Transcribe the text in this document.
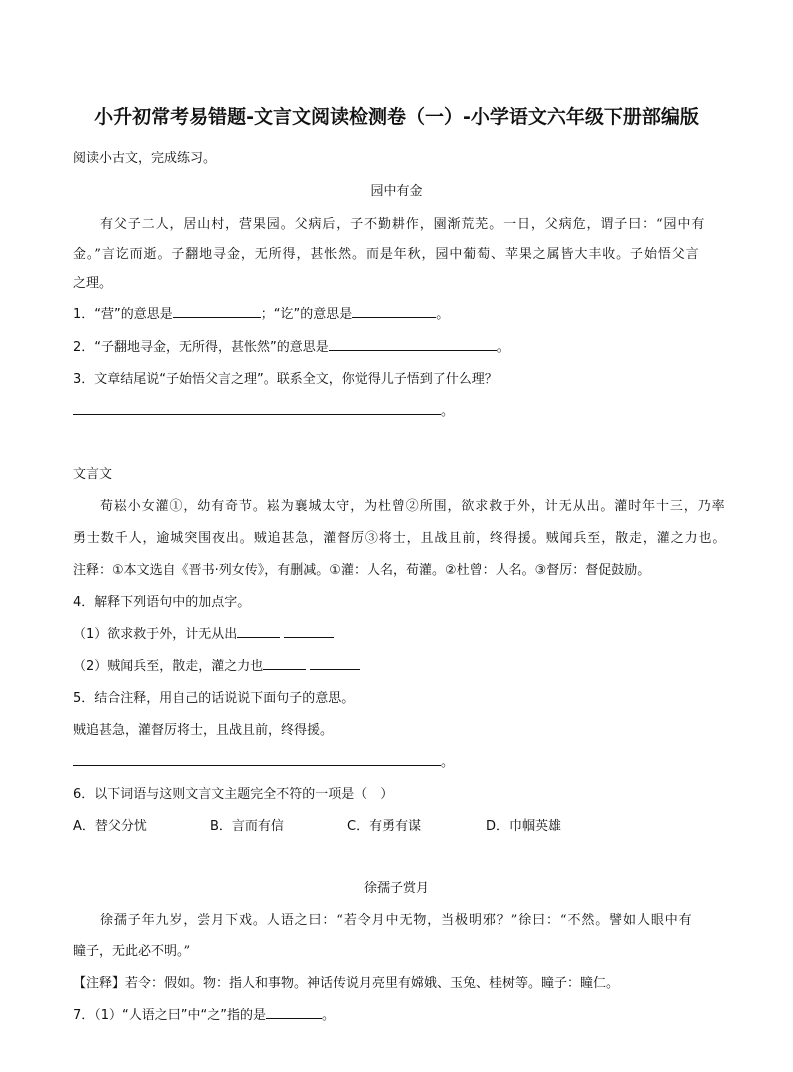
小升初常考易错题-文言文阅读检测卷（一）-小学语文六年级下册部编版
阅读小古文，完成练习。
园中有金
有父子二人，居山村，营果园。父病后，子不勤耕作，園渐荒芜。一日，父病危，谓子曰：“园中有
金。”言讫而逝。子翻地寻金，无所得，甚怅然。而是年秋，园中葡萄、苹果之属皆大丰收。子始悟父言
之理。
1．“营”的意思是	；“讫”的意思是	。
2．“子翻地寻金，无所得，甚怅然”的意思是	。
3．文章结尾说“子始悟父言之理”。联系全文，你觉得儿子悟到了什么理？
。
文言文
荀崧小女灌①，幼有奇节。崧为襄城太守，为杜曾②所围，欲求救于外，计无从出。灌时年十三，乃率
勇士数千人，逾城突围夜出。贼追甚急，灌督厉③将士，且战且前，终得援。贼闻兵至，散走，灌之力也。
注释：①本文选自《晋书·列女传》，有删减。①灌：人名，荀灌。②杜曾：人名。③督厉：督促鼓励。
4．解释下列语句中的加点字。
（1）欲求救于外，计无从出
（2）贼闻兵至，散走，灌之力也
5．结合注释，用自己的话说说下面句子的意思。
贼追甚急，灌督厉将士，且战且前，终得援。
。
6．以下词语与这则文言文主题完全不符的一项是（　）
A．替父分忧	B．言而有信	C．有勇有谋	D．巾帼英雄
徐孺子赏月
徐孺子年九岁，尝月下戏。人语之曰：“若令月中无物，当极明邪？”徐曰：“不然。譬如人眼中有
瞳子，无此必不明。”
【注释】若令：假如。物：指人和事物。神话传说月亮里有嫦娥、玉兔、桂树等。瞳子：瞳仁。
7．（1）“人语之曰”中“之”指的是	。
